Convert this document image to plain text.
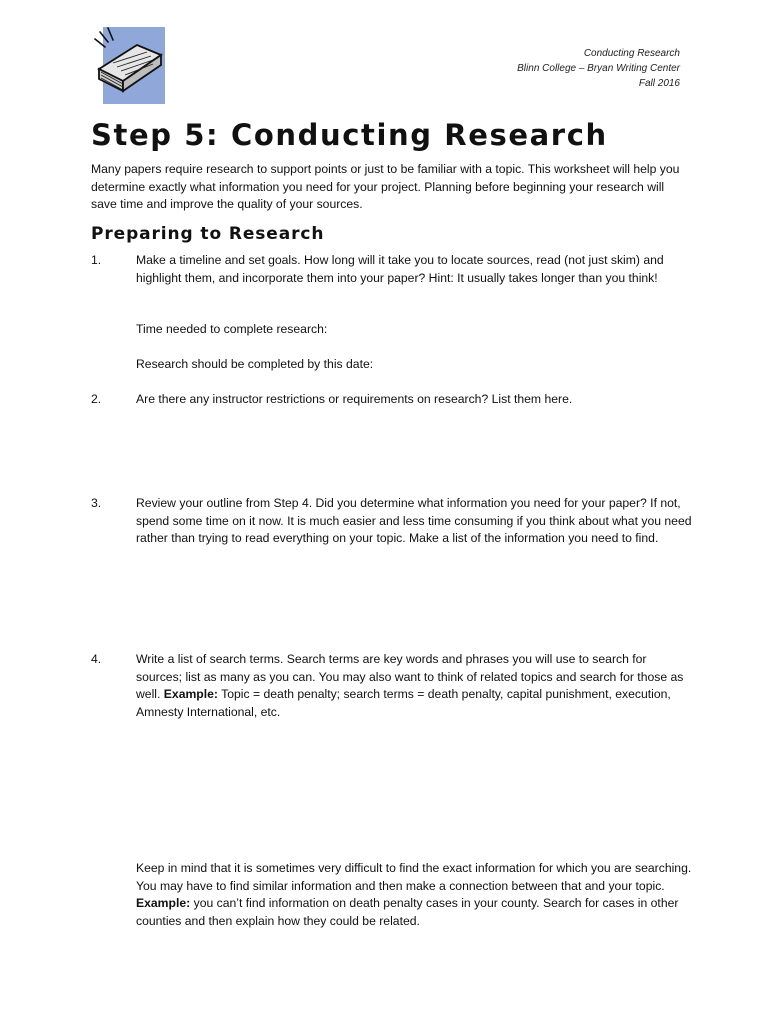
Conducting Research
Blinn College – Bryan Writing Center
Fall 2016
Step 5: Conducting Research

Many papers require research to support points or just to be familiar with a topic. This worksheet will help you determine exactly what information you need for your project. Planning before beginning your research will save time and improve the quality of your sources.

Preparing to Research
1.	Make a timeline and set goals. How long will it take you to locate sources, read (not just skim) and highlight them, and incorporate them into your paper? Hint: It usually takes longer than you think!

Time needed to complete research:

Research should be completed by this date:

2.	Are there any instructor restrictions or requirements on research? List them here.

3.	Review your outline from Step 4. Did you determine what information you need for your paper? If not, spend some time on it now. It is much easier and less time consuming if you think about what you need rather than trying to read everything on your topic. Make a list of the information you need to find.

4.	Write a list of search terms. Search terms are key words and phrases you will use to search for sources; list as many as you can. You may also want to think of related topics and search for those as well. Example: Topic = death penalty; search terms = death penalty, capital punishment, execution, Amnesty International, etc.

Keep in mind that it is sometimes very difficult to find the exact information for which you are searching. You may have to find similar information and then make a connection between that and your topic. Example: you can’t find information on death penalty cases in your county. Search for cases in other counties and then explain how they could be related.
